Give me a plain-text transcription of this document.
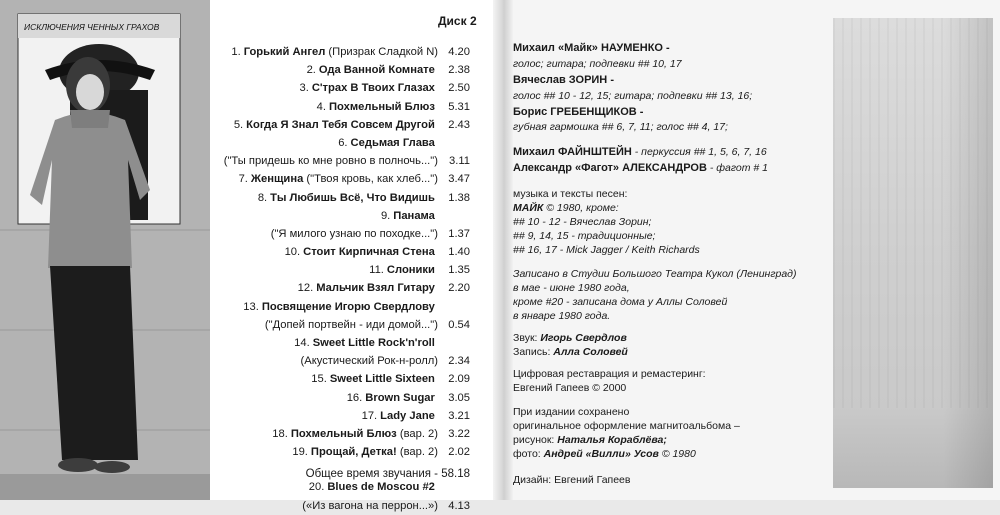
ИСКЛЮЧЕНИЯ ЧЕННЫХ ГРАХОВ	Диск 2
1. Горький Ангел (Призрак Сладкой N) 4.20
2. Ода Ванной Комнате 2.38
3. С'трах В Твоих Глазах 2.50
4. Похмельный Блюз 5.31
5. Когда Я Знал Тебя Совсем Другой 2.43
6. Седьмая Глава
("Ты придешь ко мне ровно в полночь...") 3.11
7. Женщина ("Твоя кровь, как хлеб...") 3.47
8. Ты Любишь Всё, Что Видишь 1.38
9. Панама
("Я милого узнаю по походке...") 1.37
10. Стоит Кирпичная Стена 1.40
11. Слоники 1.35
12. Мальчик Взял Гитару 2.20
13. Посвящение Игорю Свердлову
("Допей портвейн - иди домой...") 0.54
14. Sweet Little Rock'n'roll
(Акустический Рок-н-ролл) 2.34
15. Sweet Little Sixteen 2.09
16. Brown Sugar 3.05
17. Lady Jane 3.21
18. Похмельный Блюз (вар. 2) 3.22
19. Прощай, Детка! (вар. 2) 2.02
20. Blues de Moscou #2
(«Из вагона на перрон...») 4.13
Общее время звучания - 58.18
Михаил «Майк» НАУМЕНКО -
голос; гитара; подпевки ## 10, 17
Вячеслав ЗОРИН -
голос ## 10 - 12, 15; гитара; подпевки ## 13, 16;
Борис ГРЕБЕНЩИКОВ -
губная гармошка ## 6, 7, 11; голос ## 4, 17;
Михаил ФАЙНШТЕЙН - перкуссия ## 1, 5, 6, 7, 16
Александр «Фагот» АЛЕКСАНДРОВ - фагот # 1
музыка и тексты песен:
МАЙК © 1980, кроме:
## 10 - 12 - Вячеслав Зорин;
## 9, 14, 15 - традиционные;
## 16, 17 - Mick Jagger / Keith Richards
Записано в Студии Большого Театра Кукол (Ленинград)
в мае - июне 1980 года,
кроме #20 - записана дома у Аллы Соловей
в январе 1980 года.
Звук: Игорь Свердлов
Запись: Алла Соловей
Цифровая реставрация и ремастеринг:
Евгений Гапеев © 2000
При издании сохранено
оригинальное оформление магнитоальбома –
рисунок: Наталья Кораблёва;
фото: Андрей «Вилли» Усов © 1980
Дизайн: Евгений Гапеев
